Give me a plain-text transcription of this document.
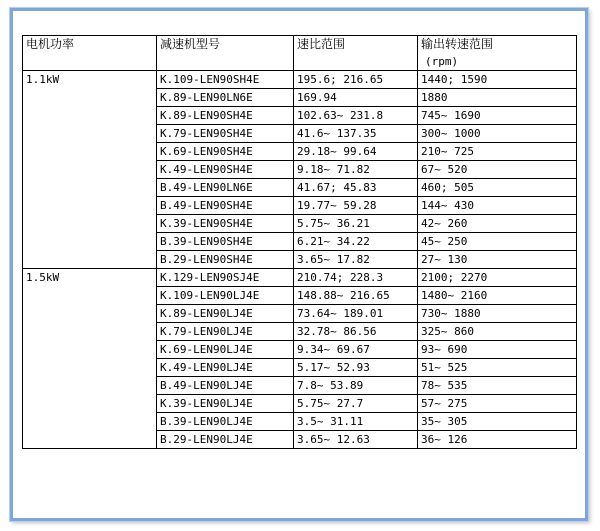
电机功率	减速机型号	速比范围	输出转速范围
(rpm)

1.1kW	K.109-LEN90SH4E	195.6; 216.65	1440; 1590
	K.89-LEN90LN6E	169.94	1880
	K.89-LEN90SH4E	102.63~ 231.8	745~ 1690
	K.79-LEN90SH4E	41.6~ 137.35	300~ 1000
	K.69-LEN90SH4E	29.18~ 99.64	210~ 725
	K.49-LEN90SH4E	9.18~ 71.82	67~ 520
	B.49-LEN90LN6E	41.67; 45.83	460; 505
	B.49-LEN90SH4E	19.77~ 59.28	144~ 430
	K.39-LEN90SH4E	5.75~ 36.21	42~ 260
	B.39-LEN90SH4E	6.21~ 34.22	45~ 250
	B.29-LEN90SH4E	3.65~ 17.82	27~ 130
1.5kW	K.129-LEN90SJ4E	210.74; 228.3	2100; 2270
	K.109-LEN90LJ4E	148.88~ 216.65	1480~ 2160
	K.89-LEN90LJ4E	73.64~ 189.01	730~ 1880
	K.79-LEN90LJ4E	32.78~ 86.56	325~ 860
	K.69-LEN90LJ4E	9.34~ 69.67	93~ 690
	K.49-LEN90LJ4E	5.17~ 52.93	51~ 525
	B.49-LEN90LJ4E	7.8~ 53.89	78~ 535
	K.39-LEN90LJ4E	5.75~ 27.7	57~ 275
	B.39-LEN90LJ4E	3.5~ 31.11	35~ 305
	B.29-LEN90LJ4E	3.65~ 12.63	36~ 126
